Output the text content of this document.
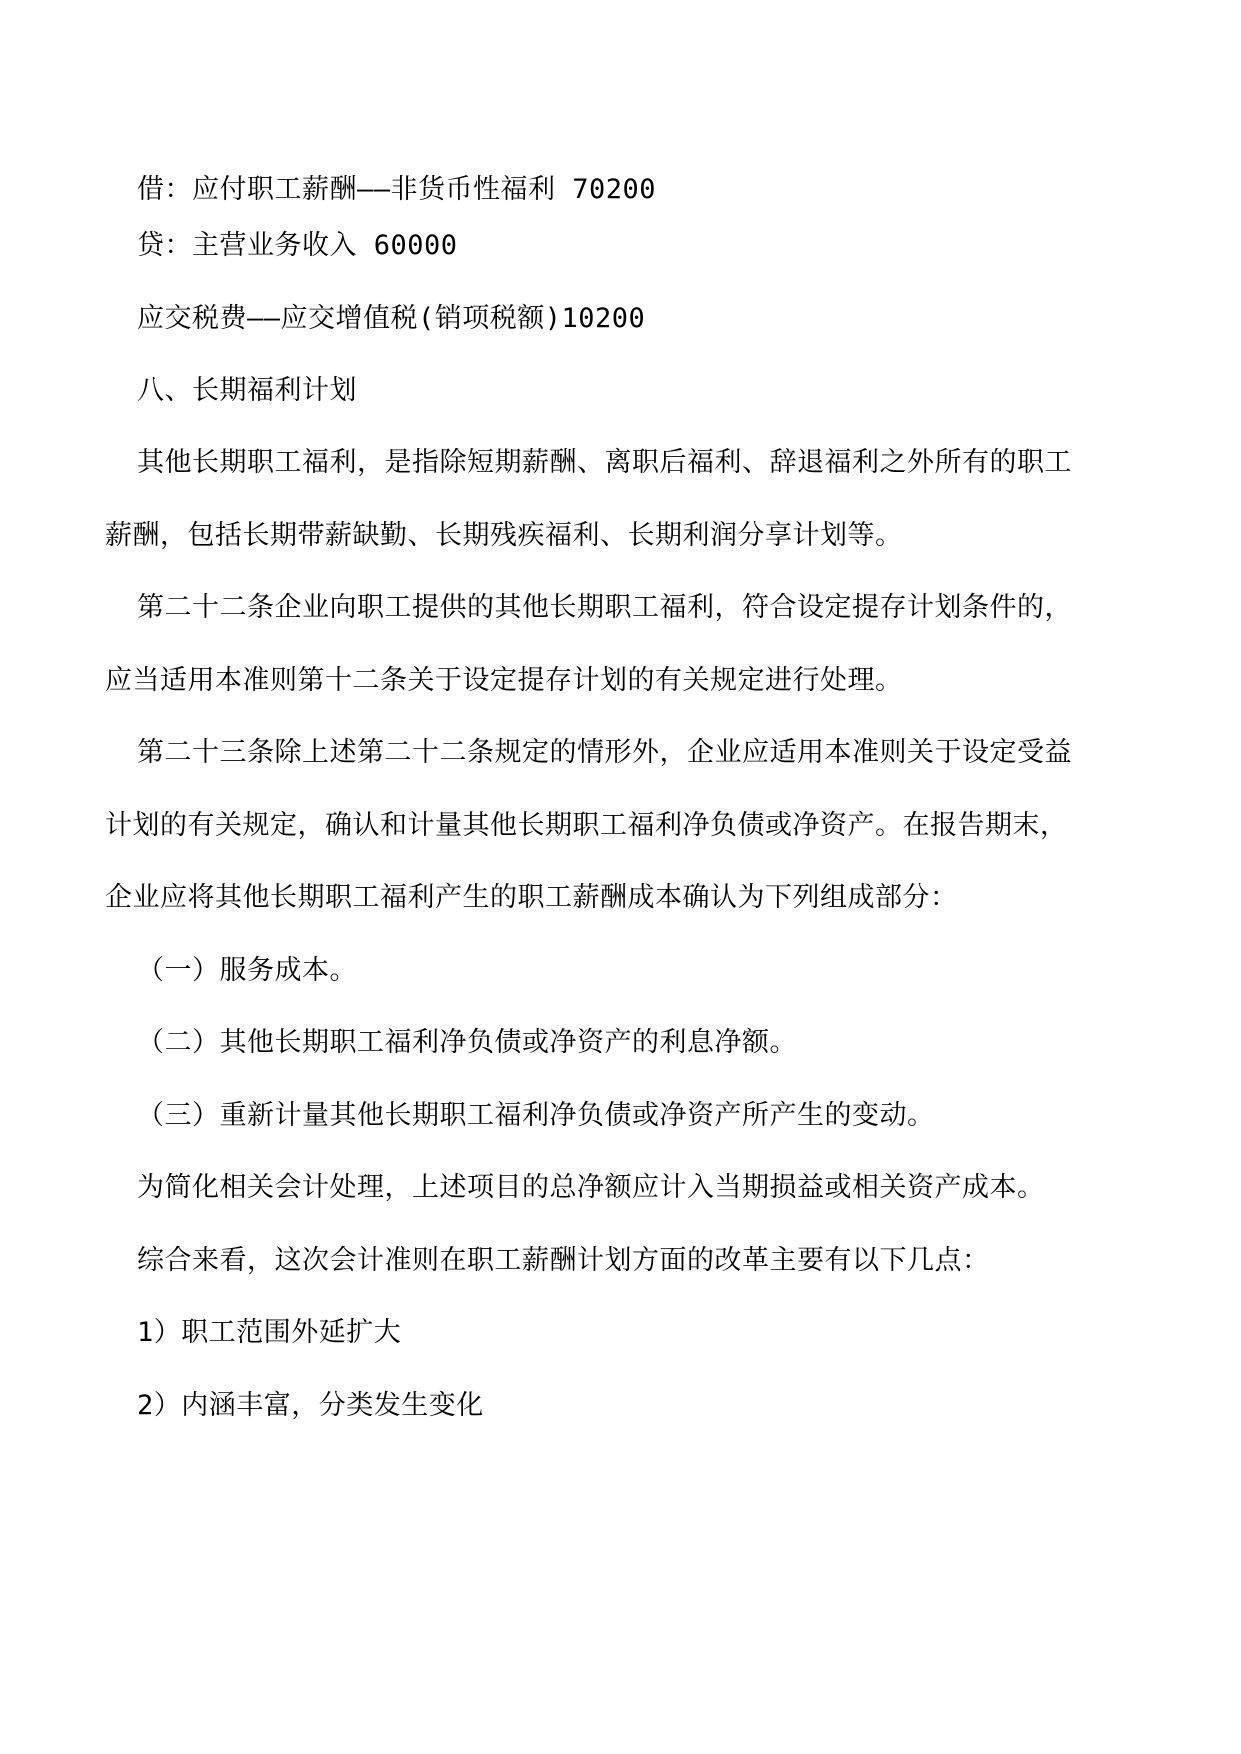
借：应付职工薪酬——非货币性福利 70200
贷：主营业务收入 60000
应交税费——应交增值税(销项税额)10200
八、长期福利计划
其他长期职工福利，是指除短期薪酬、离职后福利、辞退福利之外所有的职工
薪酬，包括长期带薪缺勤、长期残疾福利、长期利润分享计划等。
第二十二条企业向职工提供的其他长期职工福利，符合设定提存计划条件的，
应当适用本准则第十二条关于设定提存计划的有关规定进行处理。
第二十三条除上述第二十二条规定的情形外，企业应适用本准则关于设定受益
计划的有关规定，确认和计量其他长期职工福利净负债或净资产。在报告期末，
企业应将其他长期职工福利产生的职工薪酬成本确认为下列组成部分：
（一）服务成本。
（二）其他长期职工福利净负债或净资产的利息净额。
（三）重新计量其他长期职工福利净负债或净资产所产生的变动。
为简化相关会计处理，上述项目的总净额应计入当期损益或相关资产成本。
综合来看，这次会计准则在职工薪酬计划方面的改革主要有以下几点：
1）职工范围外延扩大
2）内涵丰富，分类发生变化
